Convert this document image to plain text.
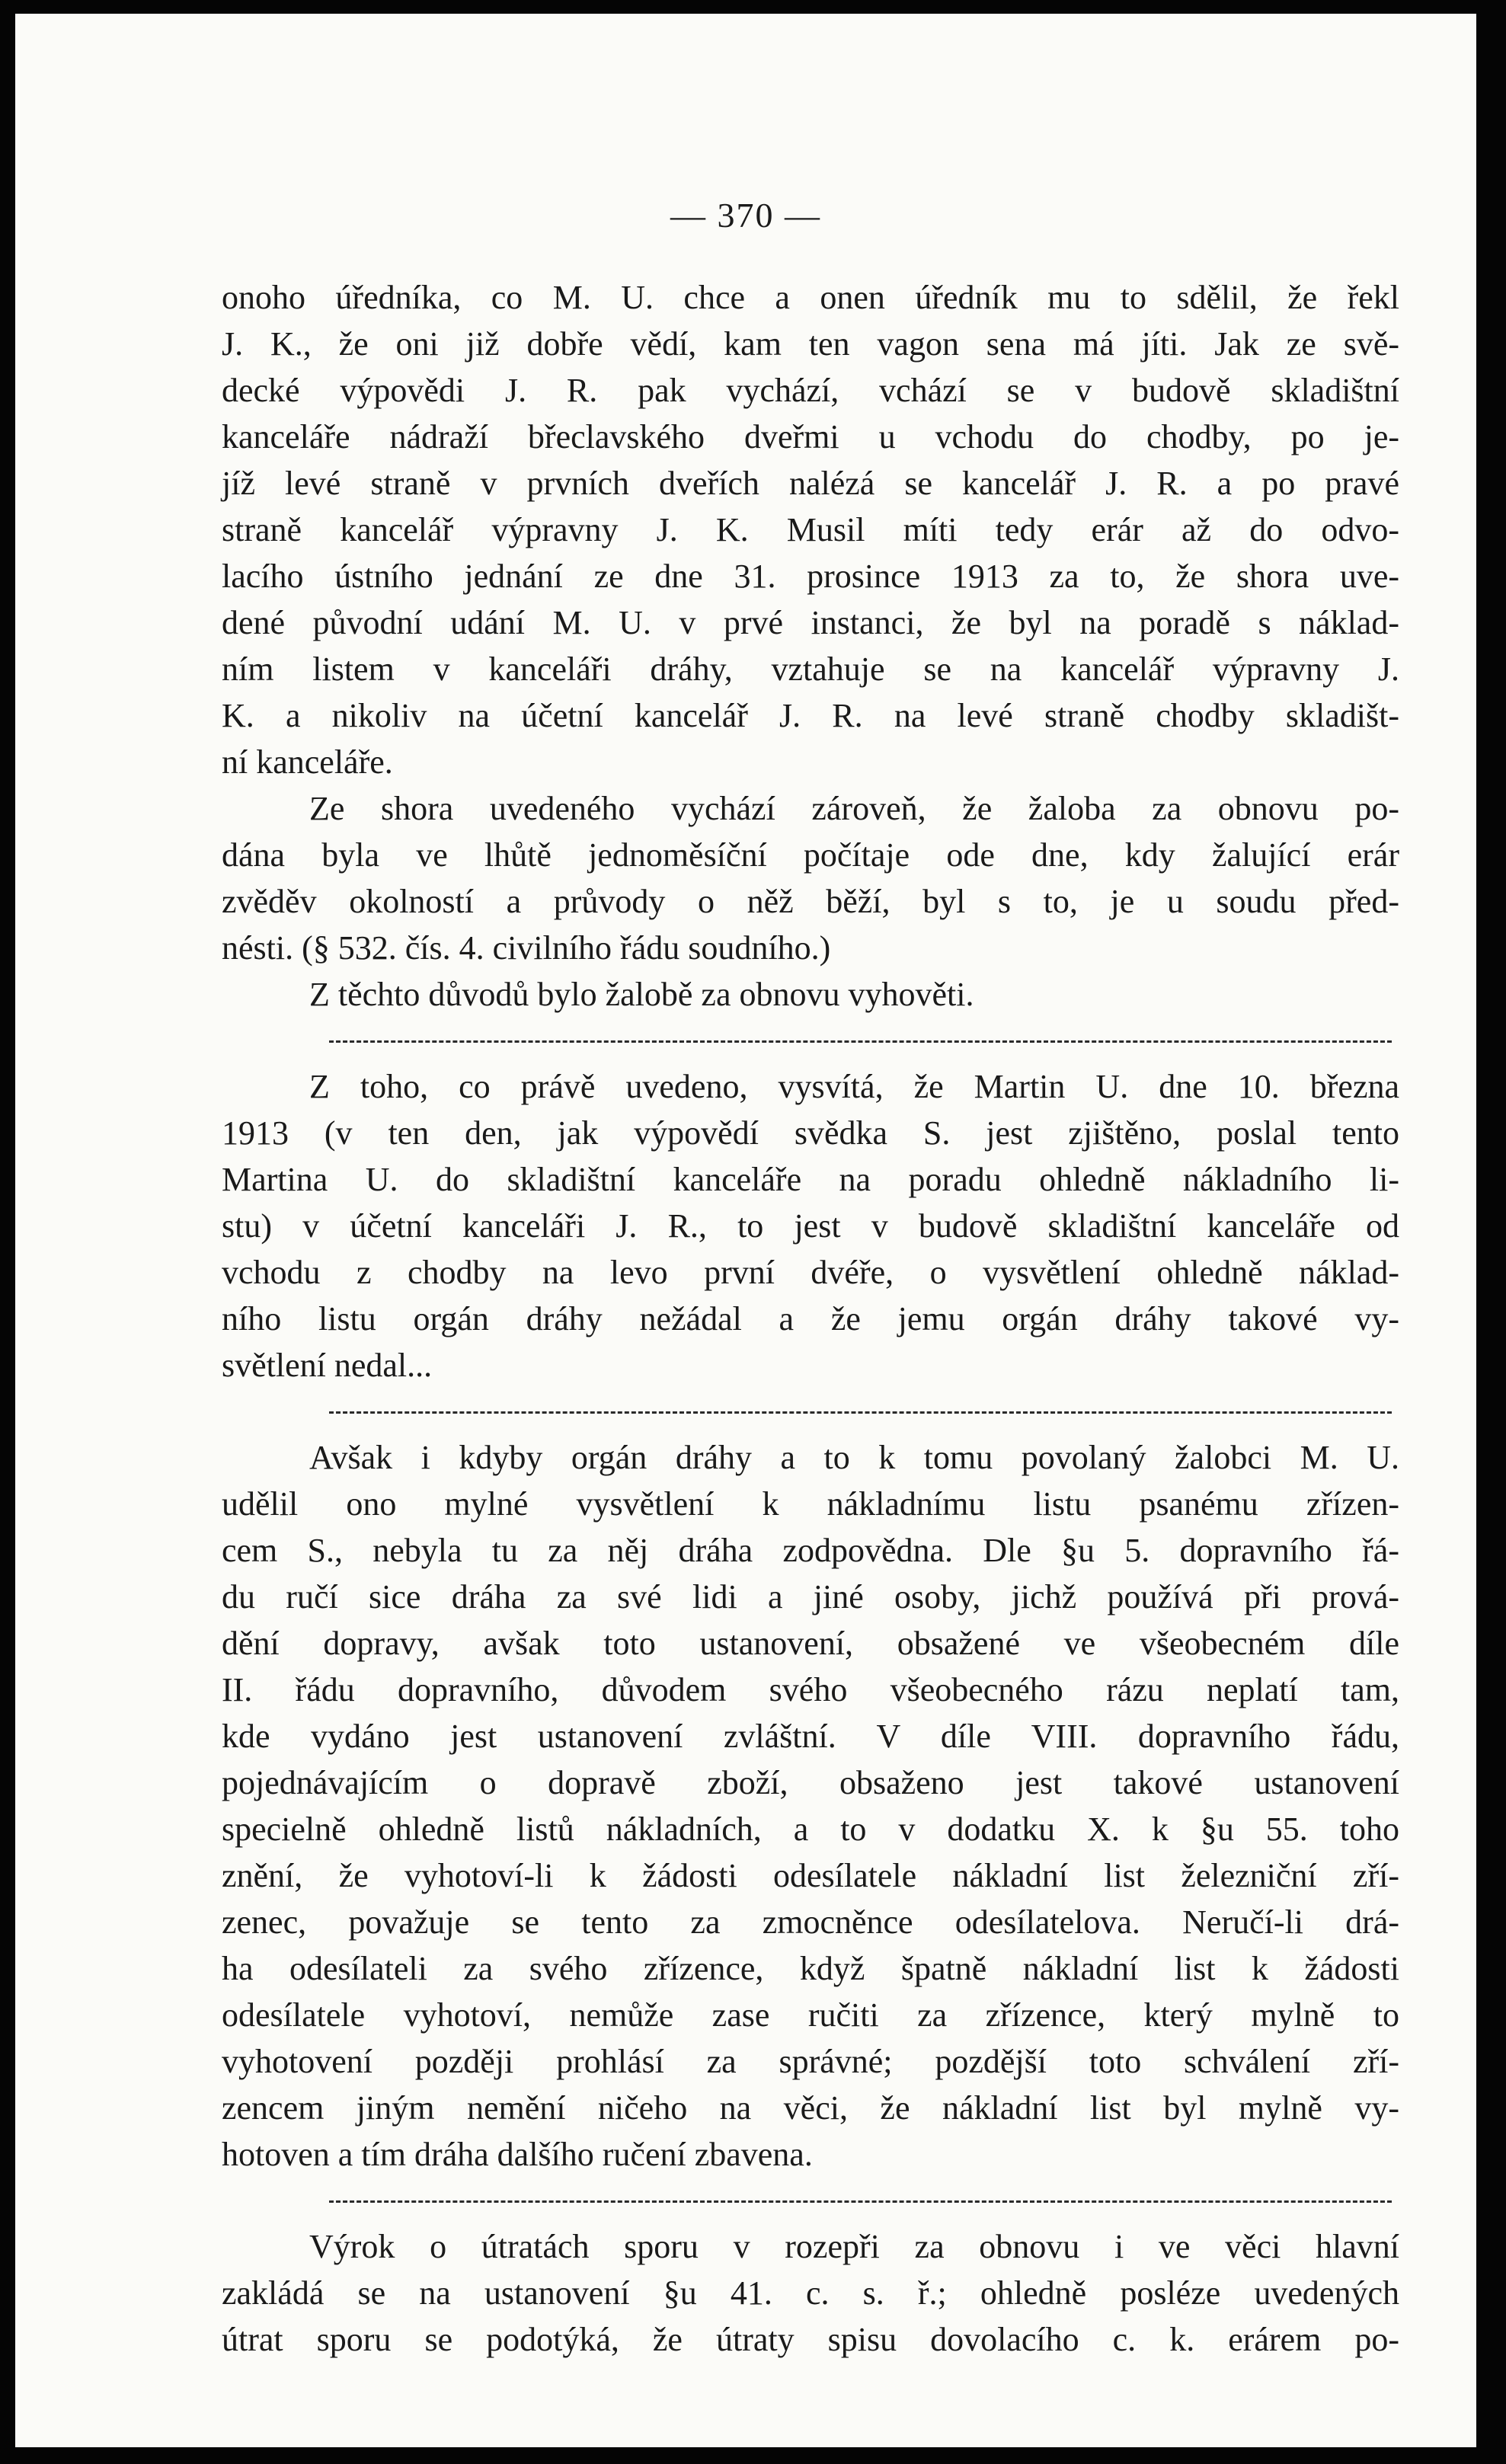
— 370 —
onoho úředníka, co M. U. chce a onen úředník mu to sdělil, že řekl
J. K., že oni již dobře vědí, kam ten vagon sena má jíti. Jak ze svě-
decké výpovědi J. R. pak vychází, vchází se v budově skladištní
kanceláře nádraží břeclavského dveřmi u vchodu do chodby, po je-
jíž levé straně v prvních dveřích nalézá se kancelář J. R. a po pravé
straně kancelář výpravny J. K. Musil míti tedy erár až do odvo-
lacího ústního jednání ze dne 31. prosince 1913 za to, že shora uve-
dené původní udání M. U. v prvé instanci, že byl na poradě s náklad-
ním listem v kanceláři dráhy, vztahuje se na kancelář výpravny J.
K. a nikoliv na účetní kancelář J. R. na levé straně chodby skladišt-
ní kanceláře.
Ze shora uvedeného vychází zároveň, že žaloba za obnovu po-
dána byla ve lhůtě jednoměsíční počítaje ode dne, kdy žalující erár
zvěděv okolností a průvody o něž běží, byl s to, je u soudu před-
nésti. (§ 532. čís. 4. civilního řádu soudního.)
Z těchto důvodů bylo žalobě za obnovu vyhověti.
Z toho, co právě uvedeno, vysvítá, že Martin U. dne 10. března
1913 (v ten den, jak výpovědí svědka S. jest zjištěno, poslal tento
Martina U. do skladištní kanceláře na poradu ohledně nákladního li-
stu) v účetní kanceláři J. R., to jest v budově skladištní kanceláře od
vchodu z chodby na levo první dvéře, o vysvětlení ohledně náklad-
ního listu orgán dráhy nežádal a že jemu orgán dráhy takové vy-
světlení nedal...
Avšak i kdyby orgán dráhy a to k tomu povolaný žalobci M. U.
udělil ono mylné vysvětlení k nákladnímu listu psanému zřízen-
cem S., nebyla tu za něj dráha zodpovědna. Dle §u 5. dopravního řá-
du ručí sice dráha za své lidi a jiné osoby, jichž používá při prová-
dění dopravy, avšak toto ustanovení, obsažené ve všeobecném díle
II. řádu dopravního, důvodem svého všeobecného rázu neplatí tam,
kde vydáno jest ustanovení zvláštní. V díle VIII. dopravního řádu,
pojednávajícím o dopravě zboží, obsaženo jest takové ustanovení
specielně ohledně listů nákladních, a to v dodatku X. k §u 55. toho
znění, že vyhotoví-li k žádosti odesílatele nákladní list železniční zří-
zenec, považuje se tento za zmocněnce odesílatelova. Neručí-li drá-
ha odesílateli za svého zřízence, když špatně nákladní list k žádosti
odesílatele vyhotoví, nemůže zase ručiti za zřízence, který mylně to
vyhotovení později prohlásí za správné; pozdější toto schválení zří-
zencem jiným nemění ničeho na věci, že nákladní list byl mylně vy-
hotoven a tím dráha dalšího ručení zbavena.
Výrok o útratách sporu v rozepři za obnovu i ve věci hlavní
zakládá se na ustanovení §u 41. c. s. ř.; ohledně posléze uvedených
útrat sporu se podotýká, že útraty spisu dovolacího c. k. erárem po-
